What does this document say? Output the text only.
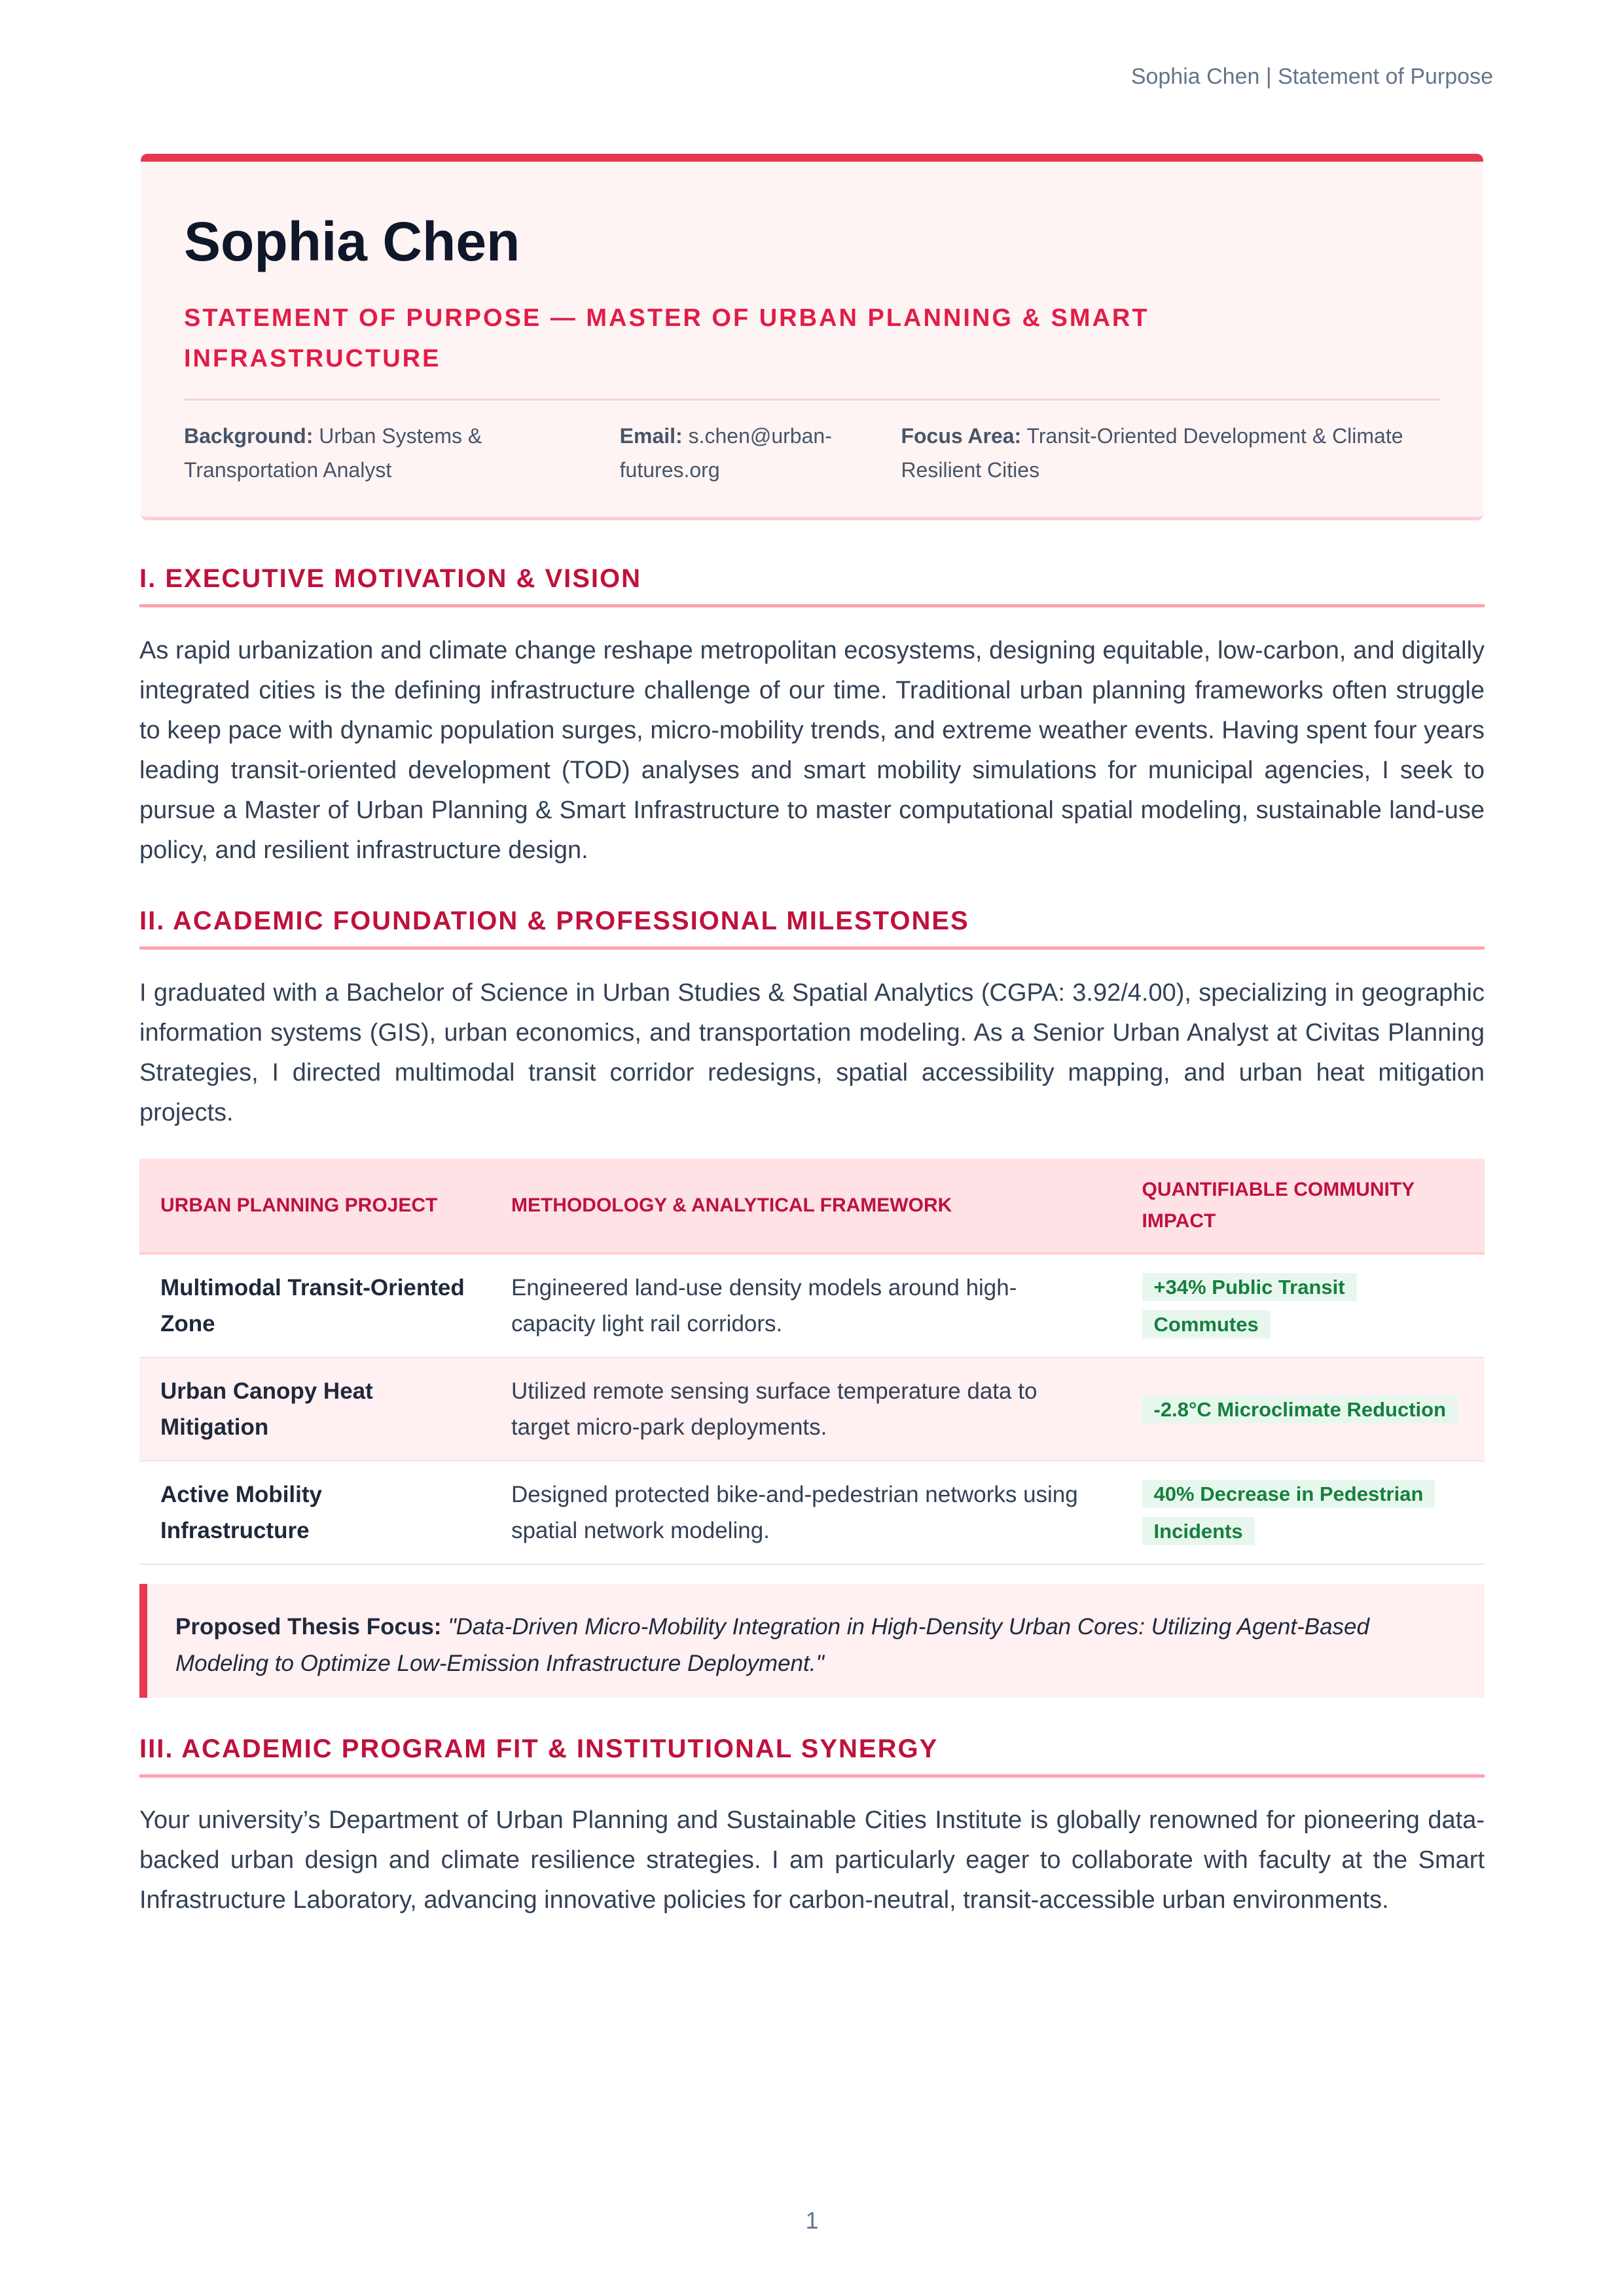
Sophia Chen | Statement of Purpose
Sophia Chen
STATEMENT OF PURPOSE — MASTER OF URBAN PLANNING & SMART INFRASTRUCTURE
Background: Urban Systems & Transportation Analyst
Email: s.chen@urban-futures.org
Focus Area: Transit-Oriented Development & Climate Resilient Cities
I. EXECUTIVE MOTIVATION & VISION

As rapid urbanization and climate change reshape metropolitan ecosystems, designing equitable, low-carbon, and digitally integrated cities is the defining infrastructure challenge of our time. Traditional urban planning frameworks often struggle to keep pace with dynamic population surges, micro-mobility trends, and extreme weather events. Having spent four years leading transit-oriented development (TOD) analyses and smart mobility simulations for municipal agencies, I seek to pursue a Master of Urban Planning & Smart Infrastructure to master computational spatial modeling, sustainable land-use policy, and resilient infrastructure design.

II. ACADEMIC FOUNDATION & PROFESSIONAL MILESTONES

I graduated with a Bachelor of Science in Urban Studies & Spatial Analytics (CGPA: 3.92/4.00), specializing in geographic information systems (GIS), urban economics, and transportation modeling. As a Senior Urban Analyst at Civitas Planning Strategies, I directed multimodal transit corridor redesigns, spatial accessibility mapping, and urban heat mitigation projects.

URBAN PLANNING PROJECT	METHODOLOGY & ANALYTICAL FRAMEWORK	QUANTIFIABLE COMMUNITY IMPACT
Multimodal Transit-Oriented Zone	Engineered land-use density models around high-capacity light rail corridors.	+34% Public Transit Commutes
Urban Canopy Heat Mitigation	Utilized remote sensing surface temperature data to target micro-park deployments.	-2.8°C Microclimate Reduction
Active Mobility Infrastructure	Designed protected bike-and-pedestrian networks using spatial network modeling.	40% Decrease in Pedestrian Incidents
Proposed Thesis Focus: "Data-Driven Micro-Mobility Integration in High-Density Urban Cores: Utilizing Agent-Based Modeling to Optimize Low-Emission Infrastructure Deployment."
III. ACADEMIC PROGRAM FIT & INSTITUTIONAL SYNERGY

Your university’s Department of Urban Planning and Sustainable Cities Institute is globally renowned for pioneering data-backed urban design and climate resilience strategies. I am particularly eager to collaborate with faculty at the Smart Infrastructure Laboratory, advancing innovative policies for carbon-neutral, transit-accessible urban environments.

1
